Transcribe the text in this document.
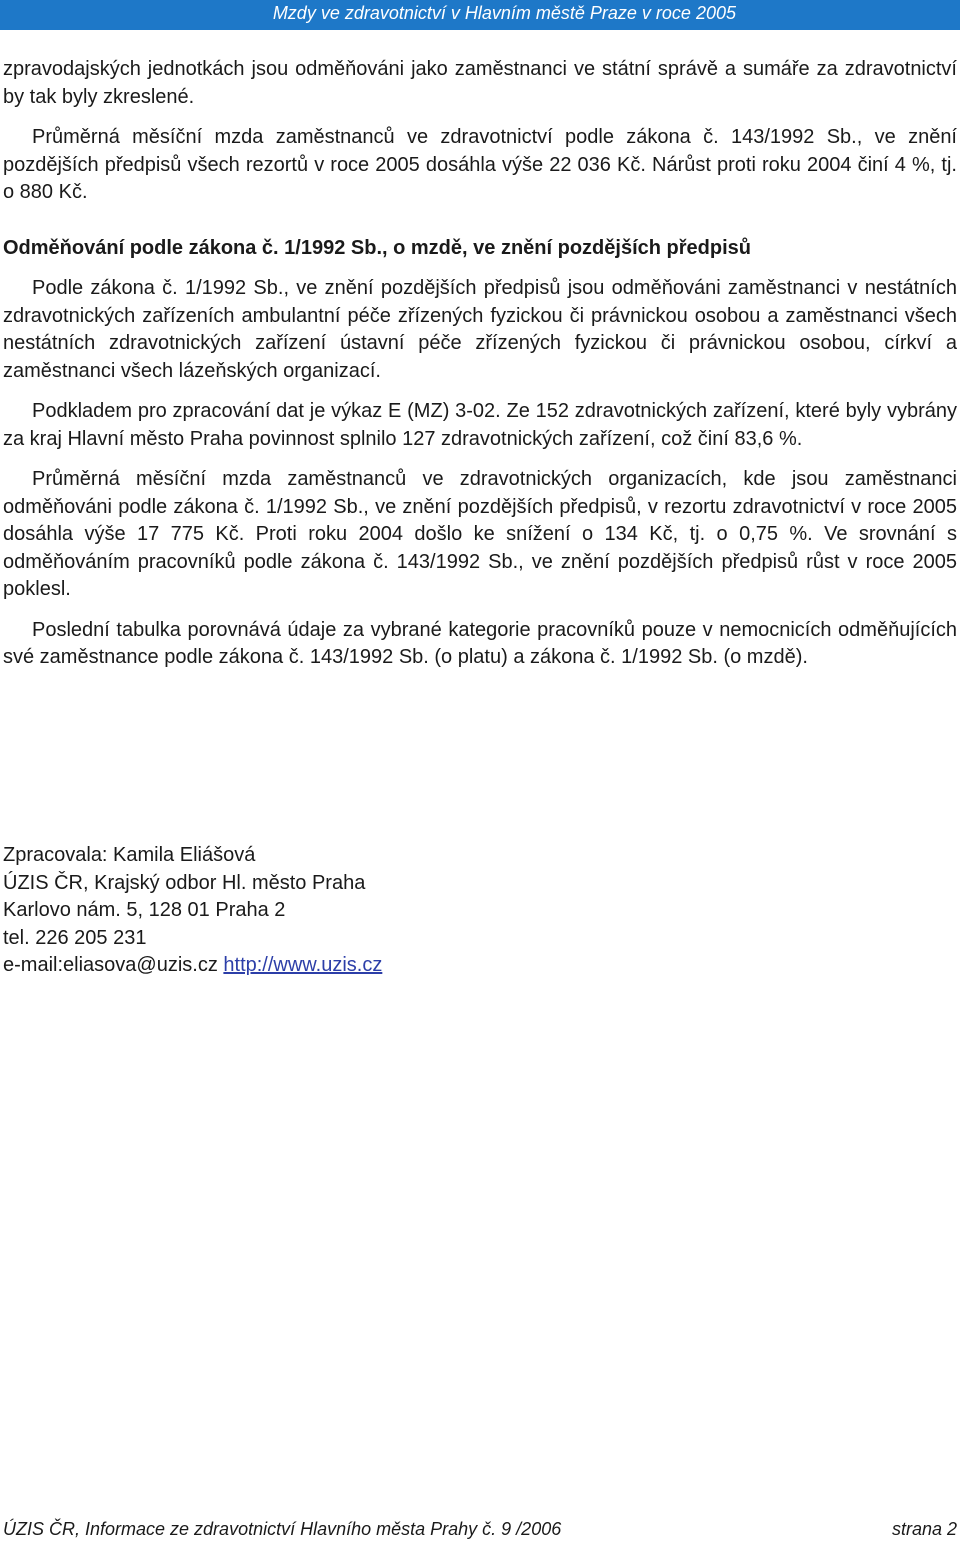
Mzdy ve zdravotnictví v Hlavním městě Praze v roce 2005

zpravodajských jednotkách jsou odměňováni jako zaměstnanci ve státní správě a sumáře za zdravotnictví by tak byly zkreslené.

Průměrná měsíční mzda zaměstnanců ve zdravotnictví podle zákona č. 143/1992 Sb., ve znění pozdějších předpisů všech rezortů v roce 2005 dosáhla výše 22 036 Kč. Nárůst proti roku 2004 činí 4 %, tj. o 880 Kč.

Odměňování podle zákona č. 1/1992 Sb., o mzdě, ve znění pozdějších předpisů

Podle zákona č. 1/1992 Sb., ve znění pozdějších předpisů jsou odměňováni zaměstnanci v nestátních zdravotnických zařízeních ambulantní péče zřízených fyzickou či právnickou osobou a zaměstnanci všech nestátních zdravotnických zařízení ústavní péče zřízených fyzickou či právnickou osobou, církví a zaměstnanci všech lázeňských organizací.

Podkladem pro zpracování dat je výkaz E (MZ) 3-02. Ze 152 zdravotnických zařízení, které byly vybrány za kraj Hlavní město Praha povinnost splnilo 127 zdravotnických zařízení, což činí 83,6 %.

Průměrná měsíční mzda zaměstnanců ve zdravotnických organizacích, kde jsou zaměstnanci odměňováni podle zákona č. 1/1992 Sb., ve znění pozdějších předpisů, v rezortu zdravotnictví v roce 2005 dosáhla výše 17 775 Kč. Proti roku 2004 došlo ke snížení o 134 Kč, tj. o 0,75 %. Ve srovnání s odměňováním pracovníků podle zákona č. 143/1992 Sb., ve znění pozdějších předpisů růst v roce 2005 poklesl.

Poslední tabulka porovnává údaje za vybrané kategorie pracovníků pouze v nemocnicích odměňujících své zaměstnance podle zákona č. 143/1992 Sb. (o platu) a zákona č. 1/1992 Sb. (o mzdě).

Zpracovala: Kamila Eliášová

ÚZIS ČR, Krajský odbor Hl. město Praha

Karlovo nám. 5, 128 01 Praha 2

tel. 226 205 231

e-mail:eliasova@uzis.cz http://www.uzis.cz

ÚZIS ČR, Informace ze zdravotnictví Hlavního města Prahy č. 9 /2006	strana 2
